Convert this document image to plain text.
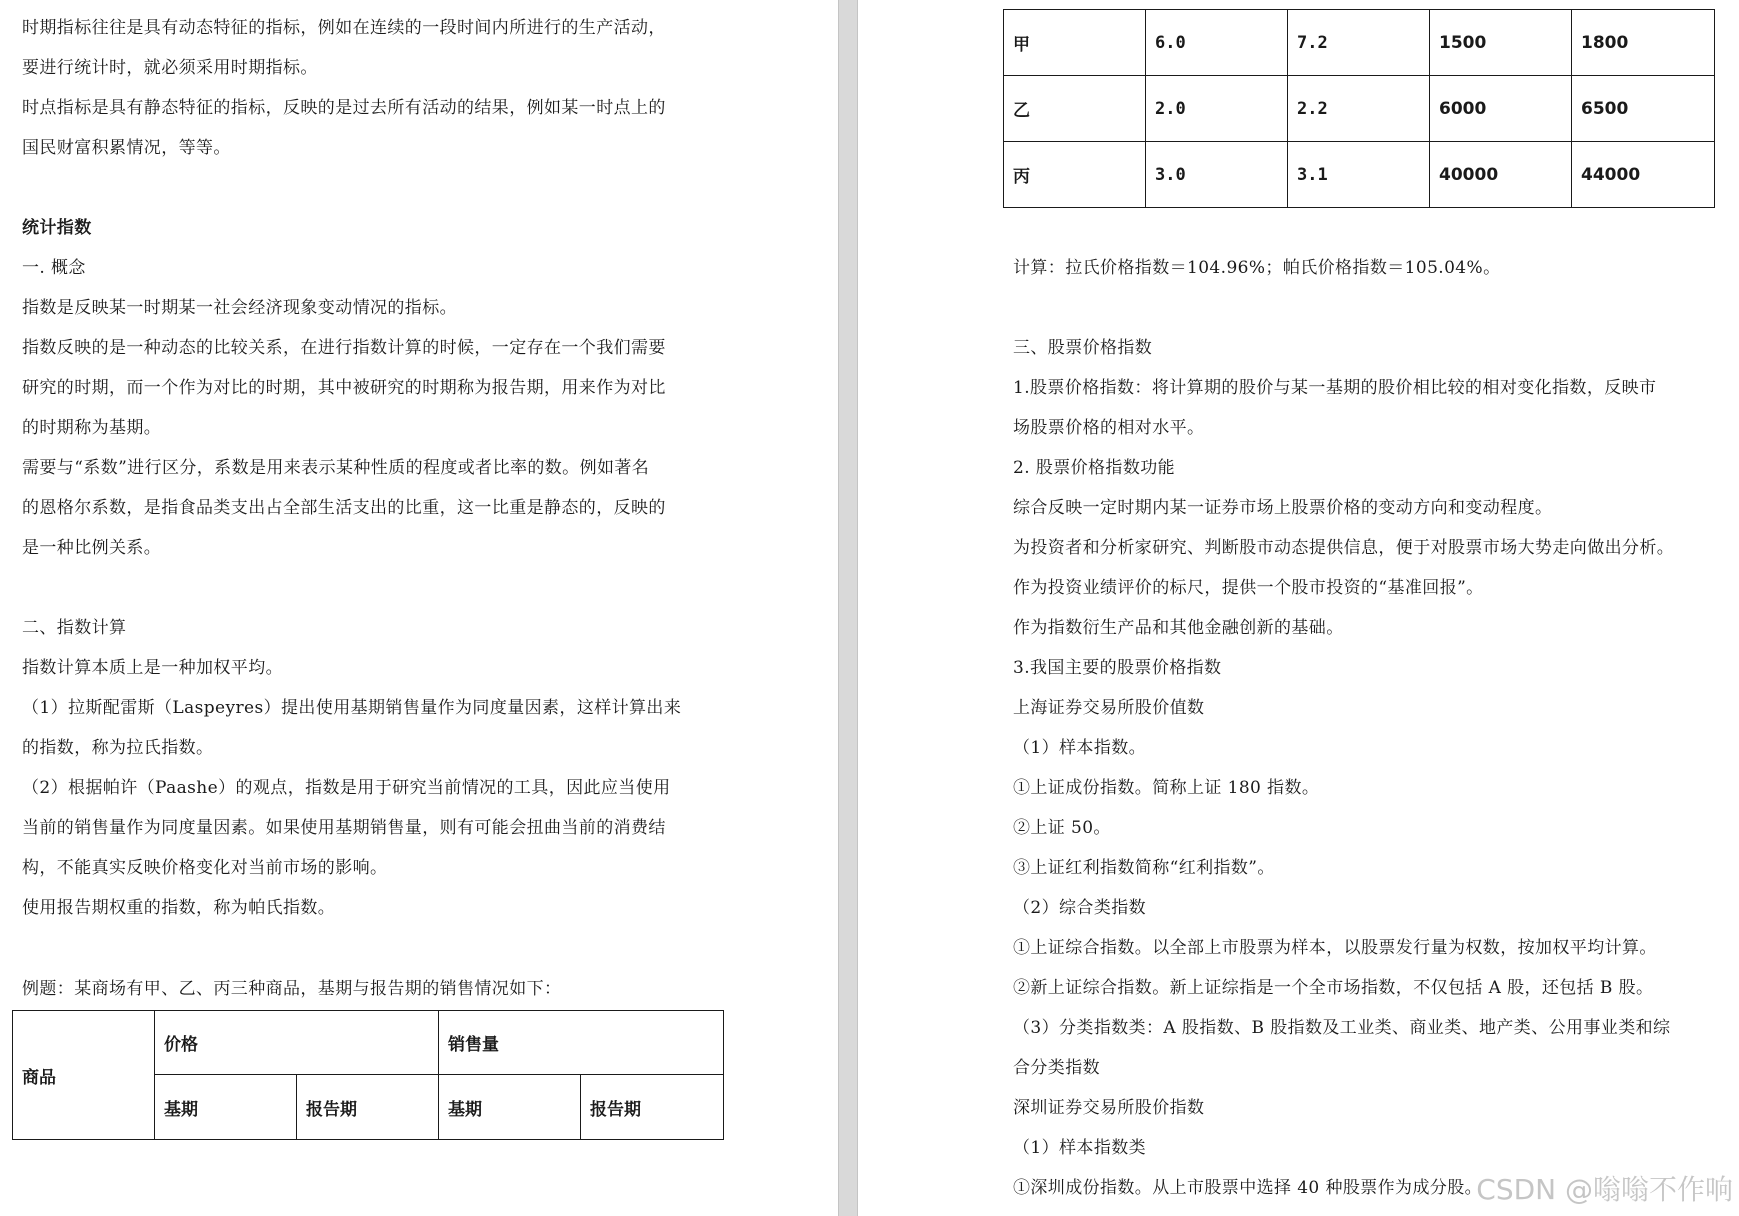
时期指标往往是具有动态特征的指标，例如在连续的一段时间内所进行的生产活动，
要进行统计时，就必须采用时期指标。
时点指标是具有静态特征的指标，反映的是过去所有活动的结果，例如某一时点上的
国民财富积累情况，等等。
统计指数
一. 概念
指数是反映某一时期某一社会经济现象变动情况的指标。
指数反映的是一种动态的比较关系，在进行指数计算的时候，一定存在一个我们需要
研究的时期，而一个作为对比的时期，其中被研究的时期称为报告期，用来作为对比
的时期称为基期。
需要与“系数”进行区分，系数是用来表示某种性质的程度或者比率的数。例如著名
的恩格尔系数，是指食品类支出占全部生活支出的比重，这一比重是静态的，反映的
是一种比例关系。
二、指数计算
指数计算本质上是一种加权平均。
（1）拉斯配雷斯（Laspeyres）提出使用基期销售量作为同度量因素，这样计算出来
的指数，称为拉氏指数。
（2）根据帕许（Paashe）的观点，指数是用于研究当前情况的工具，因此应当使用
当前的销售量作为同度量因素。如果使用基期销售量，则有可能会扭曲当前的消费结
构，不能真实反映价格变化对当前市场的影响。
使用报告期权重的指数，称为帕氏指数。
例题：某商场有甲、乙、丙三种商品，基期与报告期的销售情况如下：
商品	价格		销售量	
	基期	报告期	基期	报告期
甲	6.0	7.2	1500	1800
乙	2.0	2.2	6000	6500
丙	3.0	3.1	40000	44000
计算：拉氏价格指数＝104.96%；帕氏价格指数＝105.04%。
三、股票价格指数
1.股票价格指数：将计算期的股价与某一基期的股价相比较的相对变化指数，反映市
场股票价格的相对水平。
2. 股票价格指数功能
综合反映一定时期内某一证券市场上股票价格的变动方向和变动程度。
为投资者和分析家研究、判断股市动态提供信息，便于对股票市场大势走向做出分析。
作为投资业绩评价的标尺，提供一个股市投资的“基准回报”。
作为指数衍生产品和其他金融创新的基础。
3.我国主要的股票价格指数
上海证券交易所股价值数
（1）样本指数。
①上证成份指数。简称上证 180 指数。
②上证 50。
③上证红利指数简称“红利指数”。
（2）综合类指数
①上证综合指数。以全部上市股票为样本，以股票发行量为权数，按加权平均计算。
②新上证综合指数。新上证综指是一个全市场指数，不仅包括 A 股，还包括 B 股。
（3）分类指数类：A 股指数、B 股指数及工业类、商业类、地产类、公用事业类和综
合分类指数
深圳证券交易所股价指数
（1）样本指数类
①深圳成份指数。从上市股票中选择 40 种股票作为成分股。
CSDN @嗡嗡不作响
